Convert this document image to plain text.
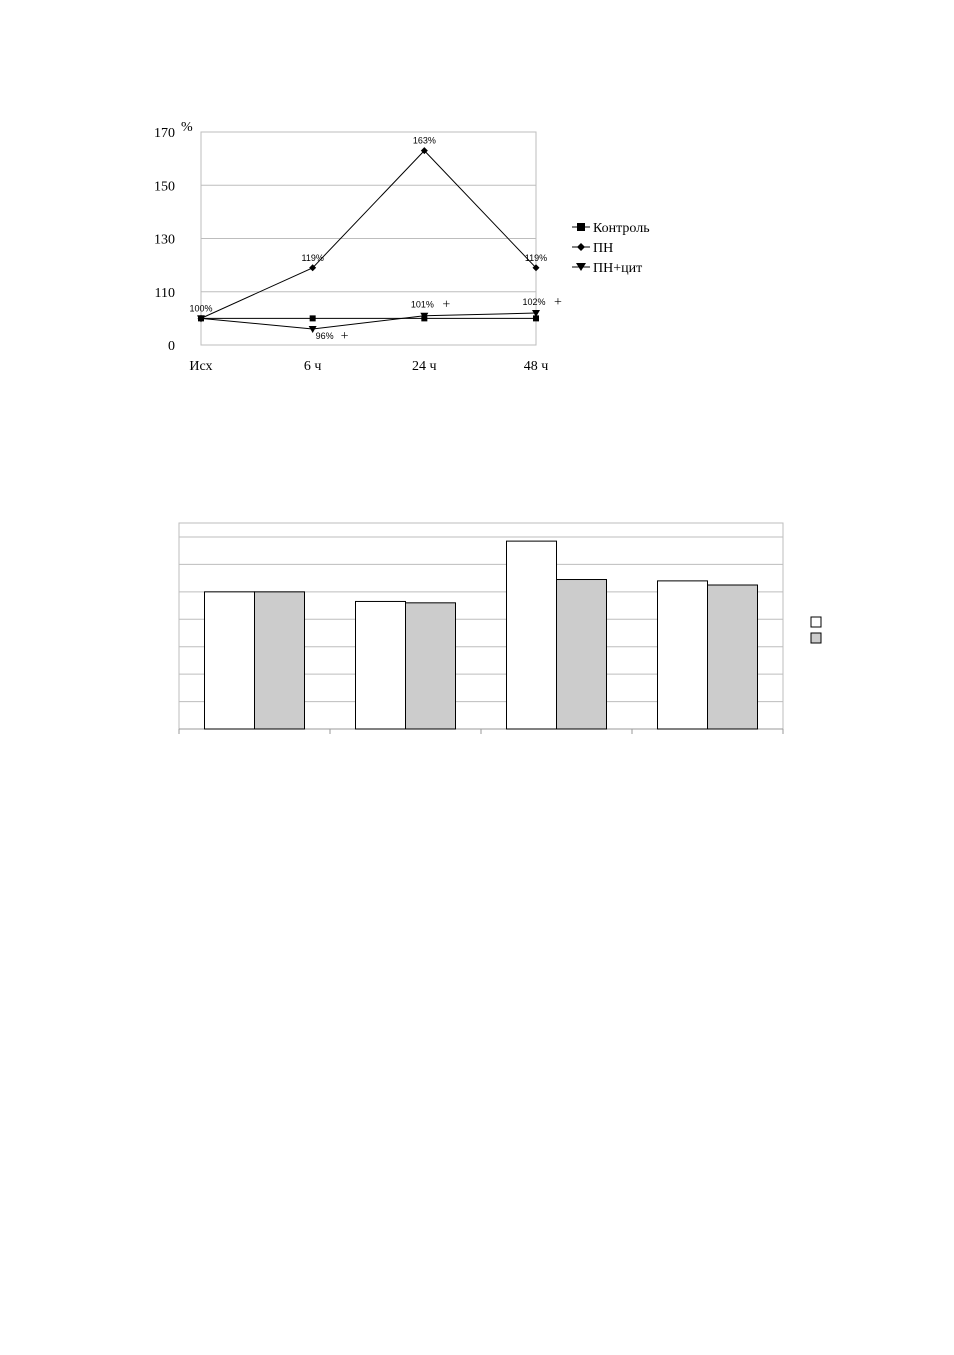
0
110
130
150
170 %
Исх	6 ч	24 ч	48 ч
100%
119%
163%
119%
96% +
101% +	102% +
Контроль
ПН
ПН+цит
